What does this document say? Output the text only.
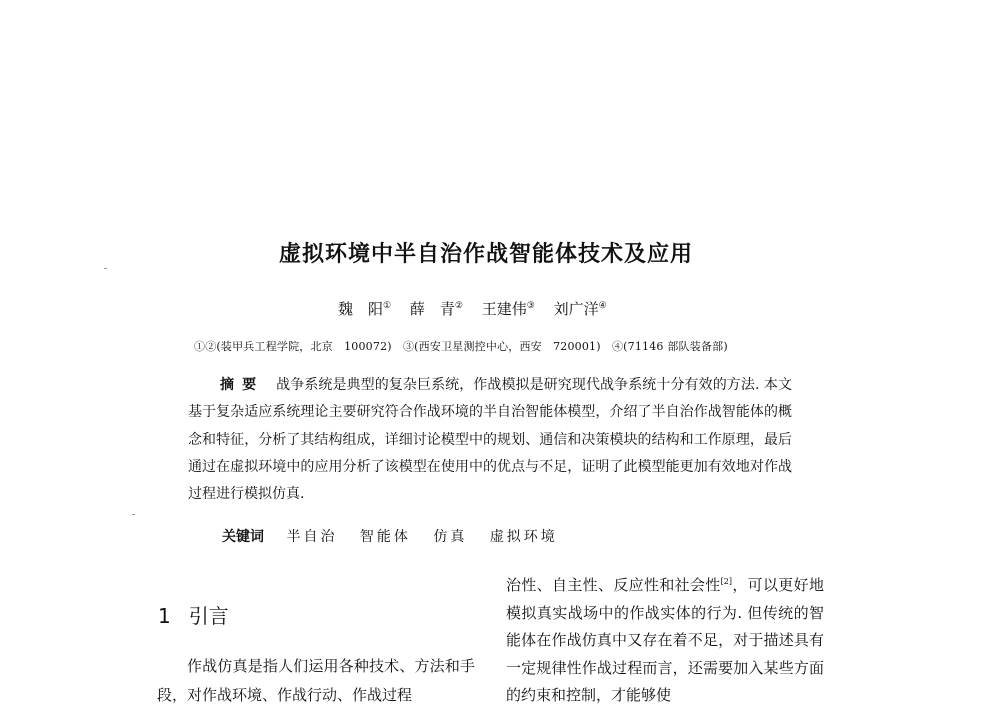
虚拟环境中半自治作战智能体技术及应用
魏　阳① 薛　青② 王建伟③ 刘广洋④
①②(装甲兵工程学院，北京　100072)　③(西安卫星测控中心，西安　720001)　④(71146 部队装备部)
摘要 战争系统是典型的复杂巨系统，作战模拟是研究现代战争系统十分有效的方法. 本文基于复杂适应系统理论主要研究符合作战环境的半自治智能体模型，介绍了半自治作战智能体的概念和特征，分析了其结构组成，详细讨论模型中的规划、通信和决策模块的结构和工作原理，最后通过在虚拟环境中的应用分析了该模型在使用中的优点与不足，证明了此模型能更加有效地对作战过程进行模拟仿真.
关键词 半自治 智能体 仿真 虚拟环境
1 引言

作战仿真是指人们运用各种技术、方法和手段，对作战环境、作战行动、作战过程

治性、自主性、反应性和社会性[2]，可以更好地模拟真实战场中的作战实体的行为. 但传统的智能体在作战仿真中又存在着不足，对于描述具有一定规律性作战过程而言，还需要加入某些方面的约束和控制，才能够使
